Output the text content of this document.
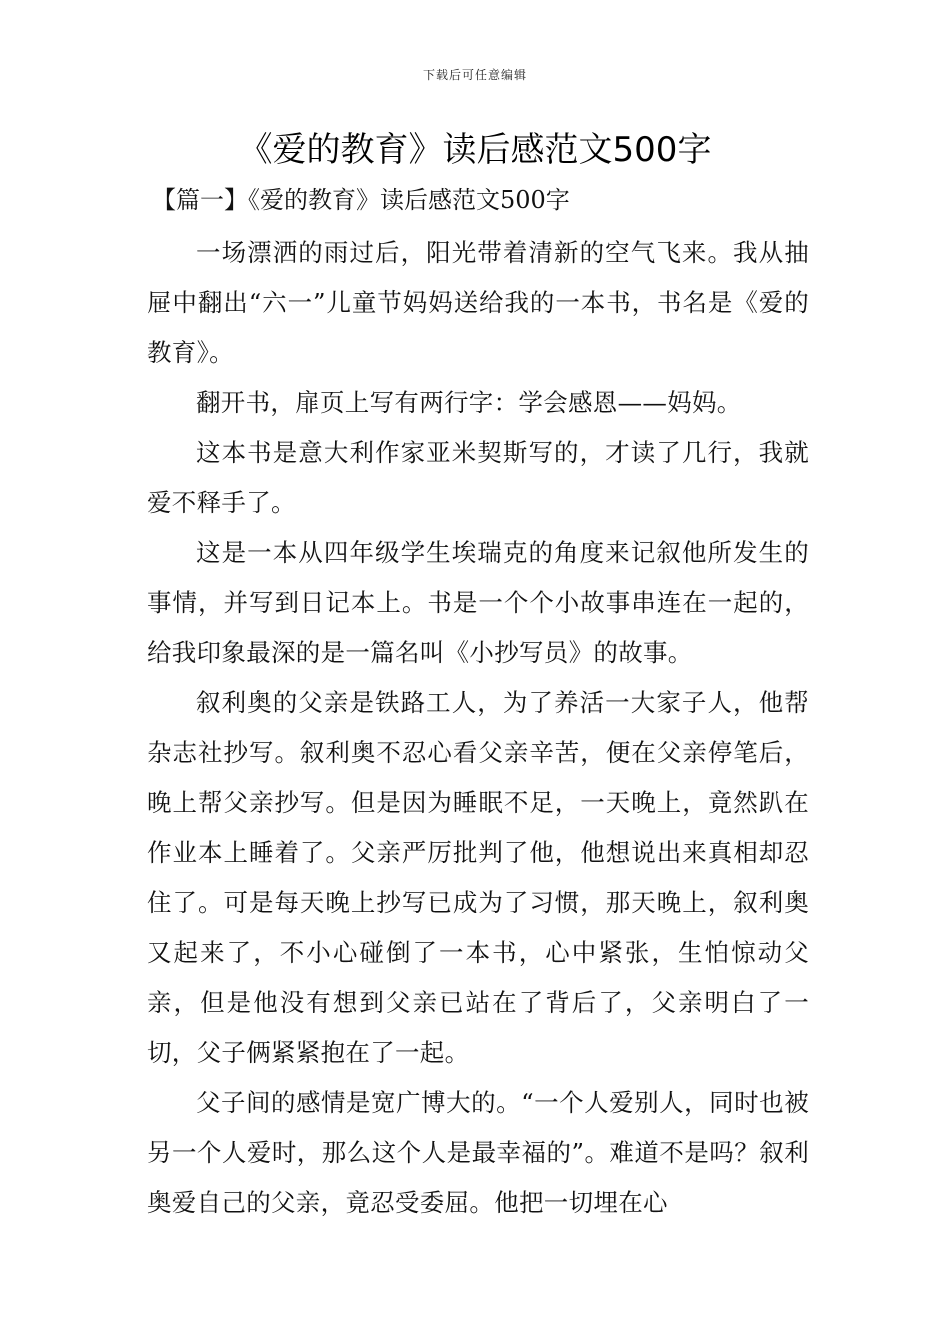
下载后可任意编辑
《爱的教育》读后感范文500字
【篇一】《爱的教育》读后感范文500字

一场漂洒的雨过后，阳光带着清新的空气飞来。我从抽屉中翻出“六一”儿童节妈妈送给我的一本书，书名是《爱的教育》。

翻开书，扉页上写有两行字：学会感恩——妈妈。

这本书是意大利作家亚米契斯写的，才读了几行，我就爱不释手了。

这是一本从四年级学生埃瑞克的角度来记叙他所发生的事情，并写到日记本上。书是一个个小故事串连在一起的，给我印象最深的是一篇名叫《小抄写员》的故事。

叙利奥的父亲是铁路工人，为了养活一大家子人，他帮杂志社抄写。叙利奥不忍心看父亲辛苦，便在父亲停笔后，晚上帮父亲抄写。但是因为睡眠不足，一天晚上，竟然趴在作业本上睡着了。父亲严厉批判了他，他想说出来真相却忍住了。可是每天晚上抄写已成为了习惯，那天晚上，叙利奥又起来了，不小心碰倒了一本书，心中紧张，生怕惊动父亲，但是他没有想到父亲已站在了背后了，父亲明白了一切，父子俩紧紧抱在了一起。

父子间的感情是宽广博大的。“一个人爱别人，同时也被另一个人爱时，那么这个人是最幸福的”。难道不是吗？叙利奥爱自己的父亲，竟忍受委屈。他把一切埋在心
